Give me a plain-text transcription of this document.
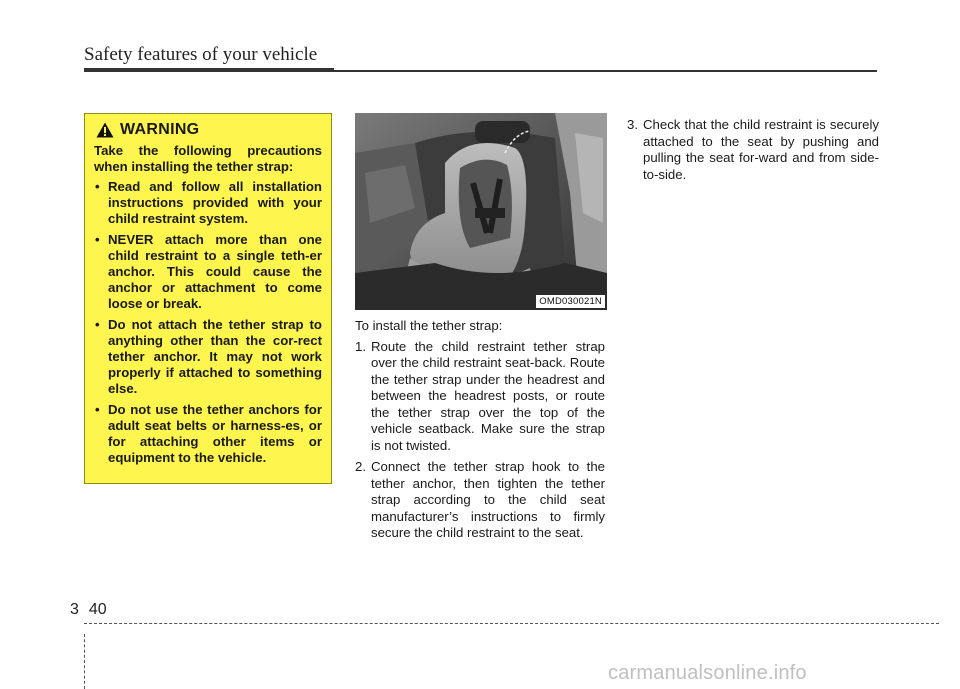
Safety features of your vehicle
WARNING
Take the following precautions when installing the tether strap:
• Read and follow all installation instructions provided with your child restraint system.
• NEVER attach more than one child restraint to a single teth-er anchor. This could cause the anchor or attachment to come loose or break.
• Do not attach the tether strap to anything other than the cor-rect tether anchor. It may not work properly if attached to something else.
• Do not use the tether anchors for adult seat belts or harness-es, or for attaching other items or equipment to the vehicle.
OMD030021N

To install the tether strap:

1. Route the child restraint tether strap over the child restraint seat-back. Route the tether strap under the headrest and between the headrest posts, or route the tether strap over the top of the vehicle seatback. Make sure the strap is not twisted.
2. Connect the tether strap hook to the tether anchor, then tighten the tether strap according to the child seat manufacturer’s instructions to firmly secure the child restraint to the seat.
3. Check that the child restraint is securely attached to the seat by pushing and pulling the seat for-ward and from side-to-side.
3 40
carmanualsonline.info
